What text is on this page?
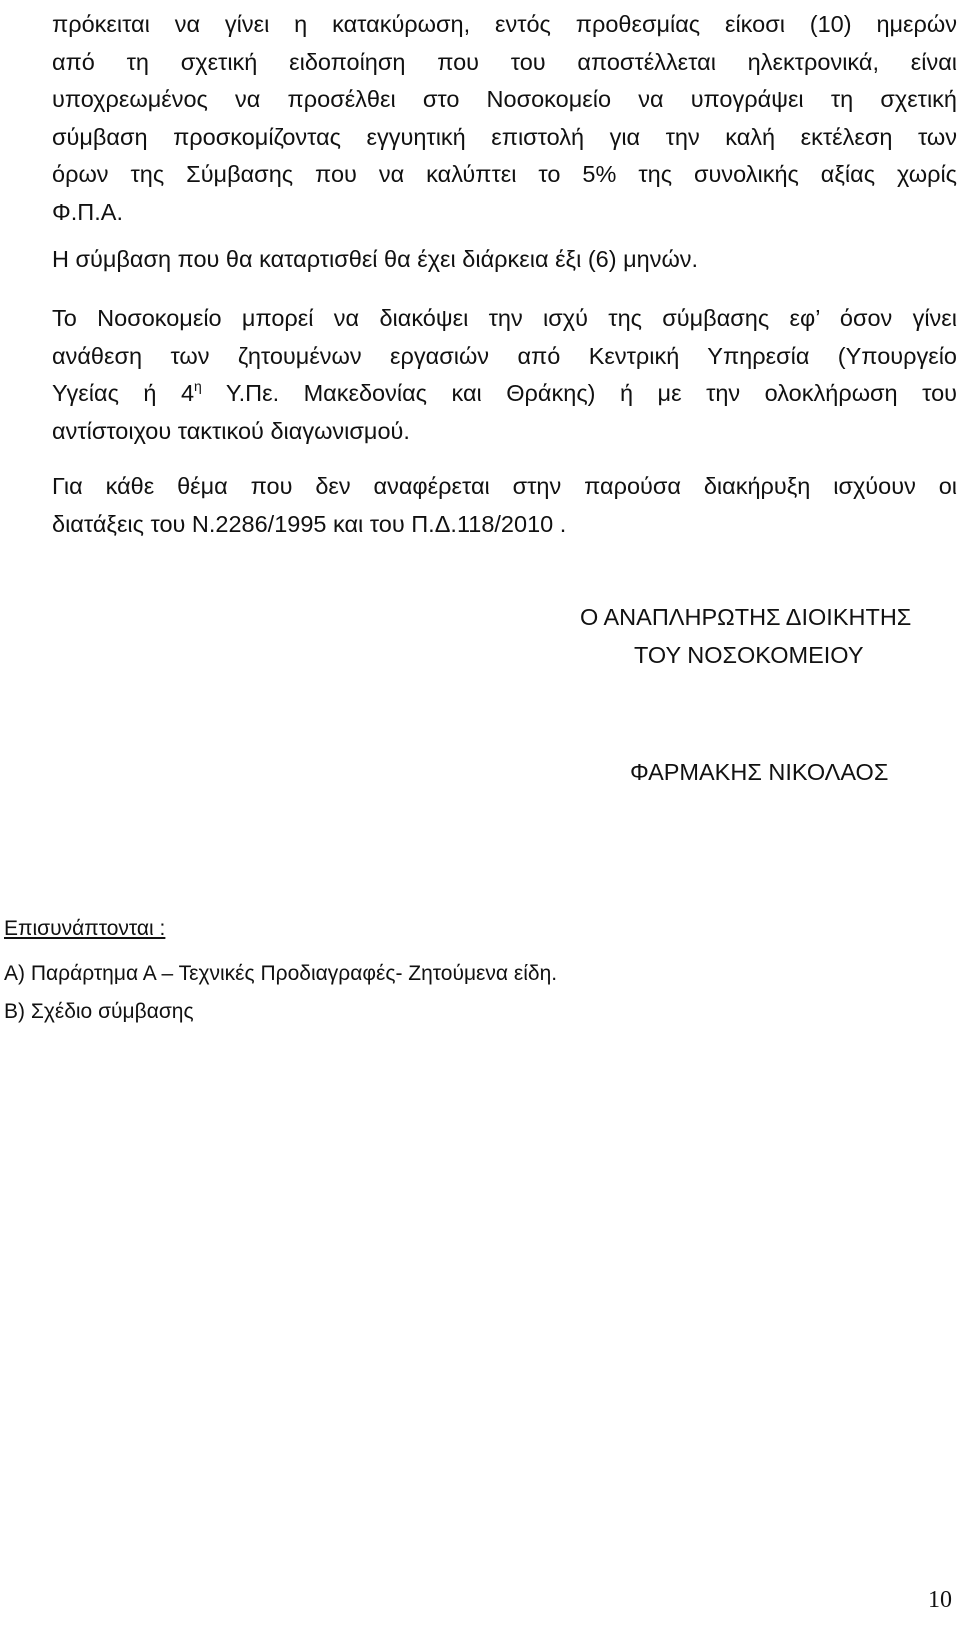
πρόκειται να γίνει η κατακύρωση, εντός προθεσμίας είκοσι (10) ημερών
από τη σχετική ειδοποίηση που του αποστέλλεται ηλεκτρονικά, είναι
υποχρεωμένος να προσέλθει στο Νοσοκομείο να υπογράψει τη σχετική
σύμβαση προσκομίζοντας εγγυητική επιστολή για την καλή εκτέλεση των
όρων της Σύμβασης που να καλύπτει το 5% της συνολικής αξίας χωρίς
Φ.Π.Α.
Η σύμβαση που θα καταρτισθεί θα έχει διάρκεια έξι (6) μηνών.
Το Νοσοκομείο μπορεί να διακόψει την ισχύ της σύμβασης εφ’ όσον γίνει
ανάθεση των ζητουμένων εργασιών από Κεντρική Υπηρεσία (Υπουργείο
Υγείας ή $4^\eta$ Υ.Πε. Μακεδονίας και Θράκης) ή με την ολοκλήρωση του
αντίστοιχου τακτικού διαγωνισμού.
Για κάθε θέμα που δεν αναφέρεται στην παρούσα διακήρυξη ισχύουν οι
διατάξεις του Ν.2286/1995 και του Π.Δ.118/2010 .
Ο ΑΝΑΠΛΗΡΩΤΗΣ ΔΙΟΙΚΗΤΗΣ
ΤΟΥ ΝΟΣΟΚΟΜΕΙΟΥ
ΦΑΡΜΑΚΗΣ ΝΙΚΟΛΑΟΣ
Επισυνάπτονται :
Α) Παράρτημα Α – Τεχνικές Προδιαγραφές- Ζητούμενα είδη.
Β) Σχέδιο σύμβασης
10
